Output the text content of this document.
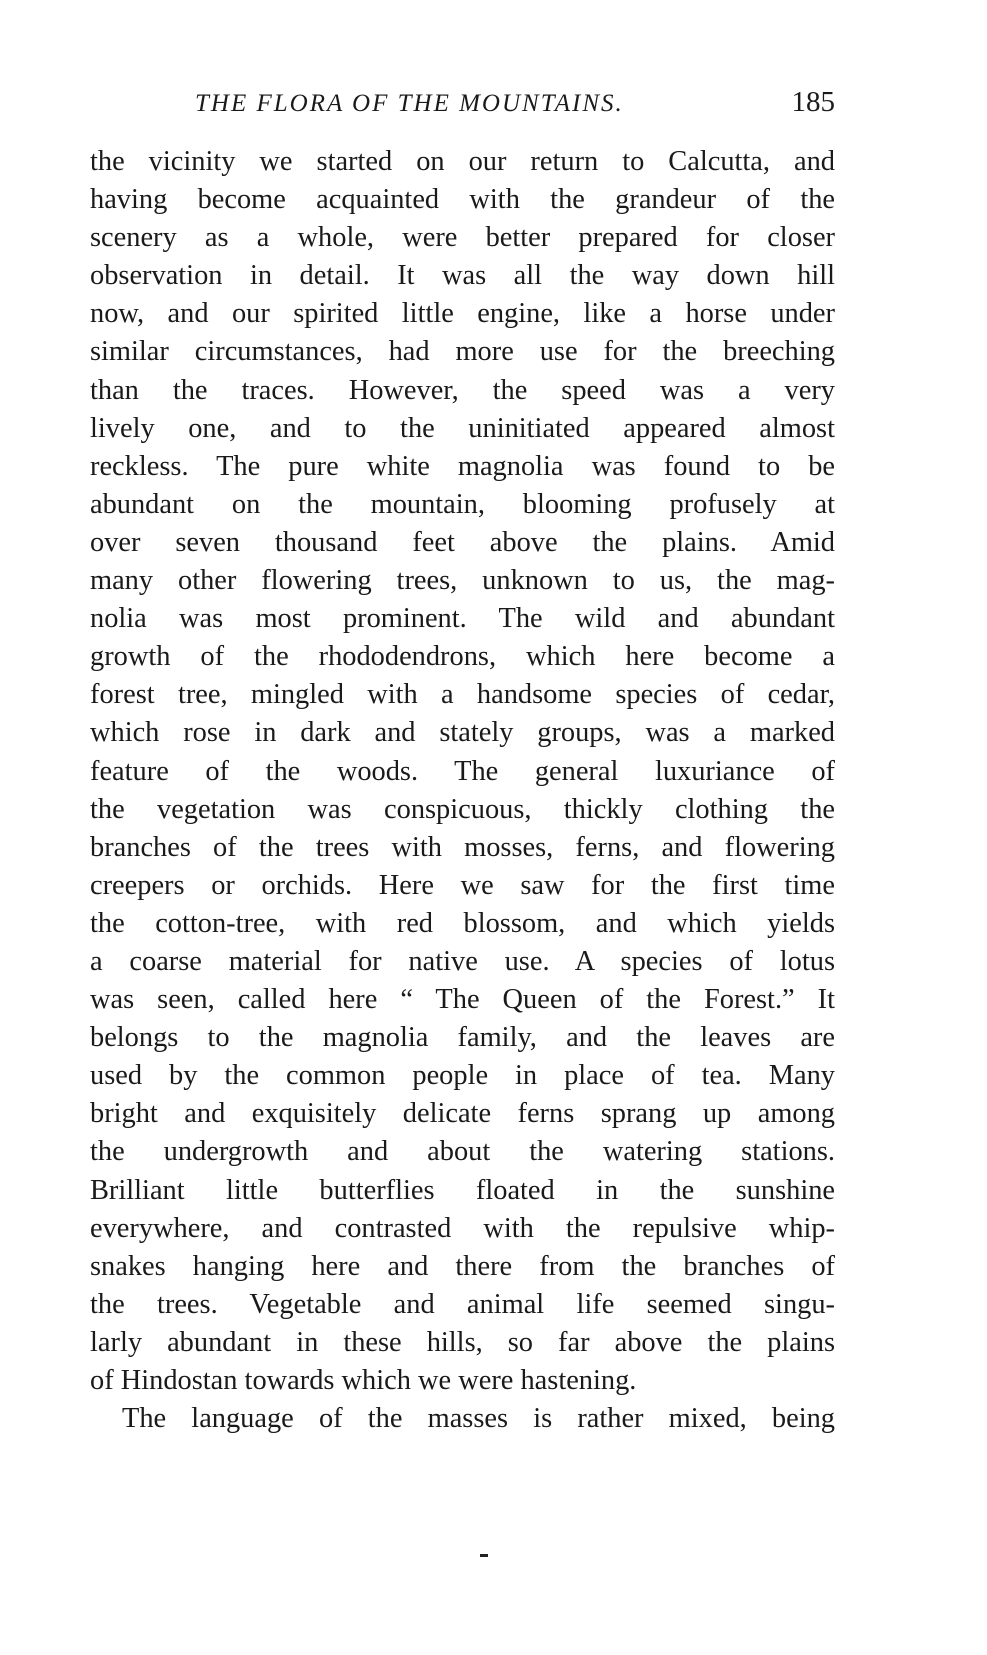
THE FLORA OF THE MOUNTAINS.	185
the vicinity we started on our return to Calcutta, and
having become acquainted with the grandeur of the
scenery as a whole, were better prepared for closer
observation in detail. It was all the way down hill
now, and our spirited little engine, like a horse under
similar circumstances, had more use for the breeching
than the traces. However, the speed was a very
lively one, and to the uninitiated appeared almost
reckless. The pure white magnolia was found to be
abundant on the mountain, blooming profusely at
over seven thousand feet above the plains. Amid
many other flowering trees, unknown to us, the mag-
nolia was most prominent. The wild and abundant
growth of the rhododendrons, which here become a
forest tree, mingled with a handsome species of cedar,
which rose in dark and stately groups, was a marked
feature of the woods. The general luxuriance of
the vegetation was conspicuous, thickly clothing the
branches of the trees with mosses, ferns, and flowering
creepers or orchids. Here we saw for the first time
the cotton-tree, with red blossom, and which yields
a coarse material for native use. A species of lotus
was seen, called here “ The Queen of the Forest.” It
belongs to the magnolia family, and the leaves are
used by the common people in place of tea. Many
bright and exquisitely delicate ferns sprang up among
the undergrowth and about the watering stations.
Brilliant little butterflies floated in the sunshine
everywhere, and contrasted with the repulsive whip-
snakes hanging here and there from the branches of
the trees. Vegetable and animal life seemed singu-
larly abundant in these hills, so far above the plains
of Hindostan towards which we were hastening.
The language of the masses is rather mixed, being
